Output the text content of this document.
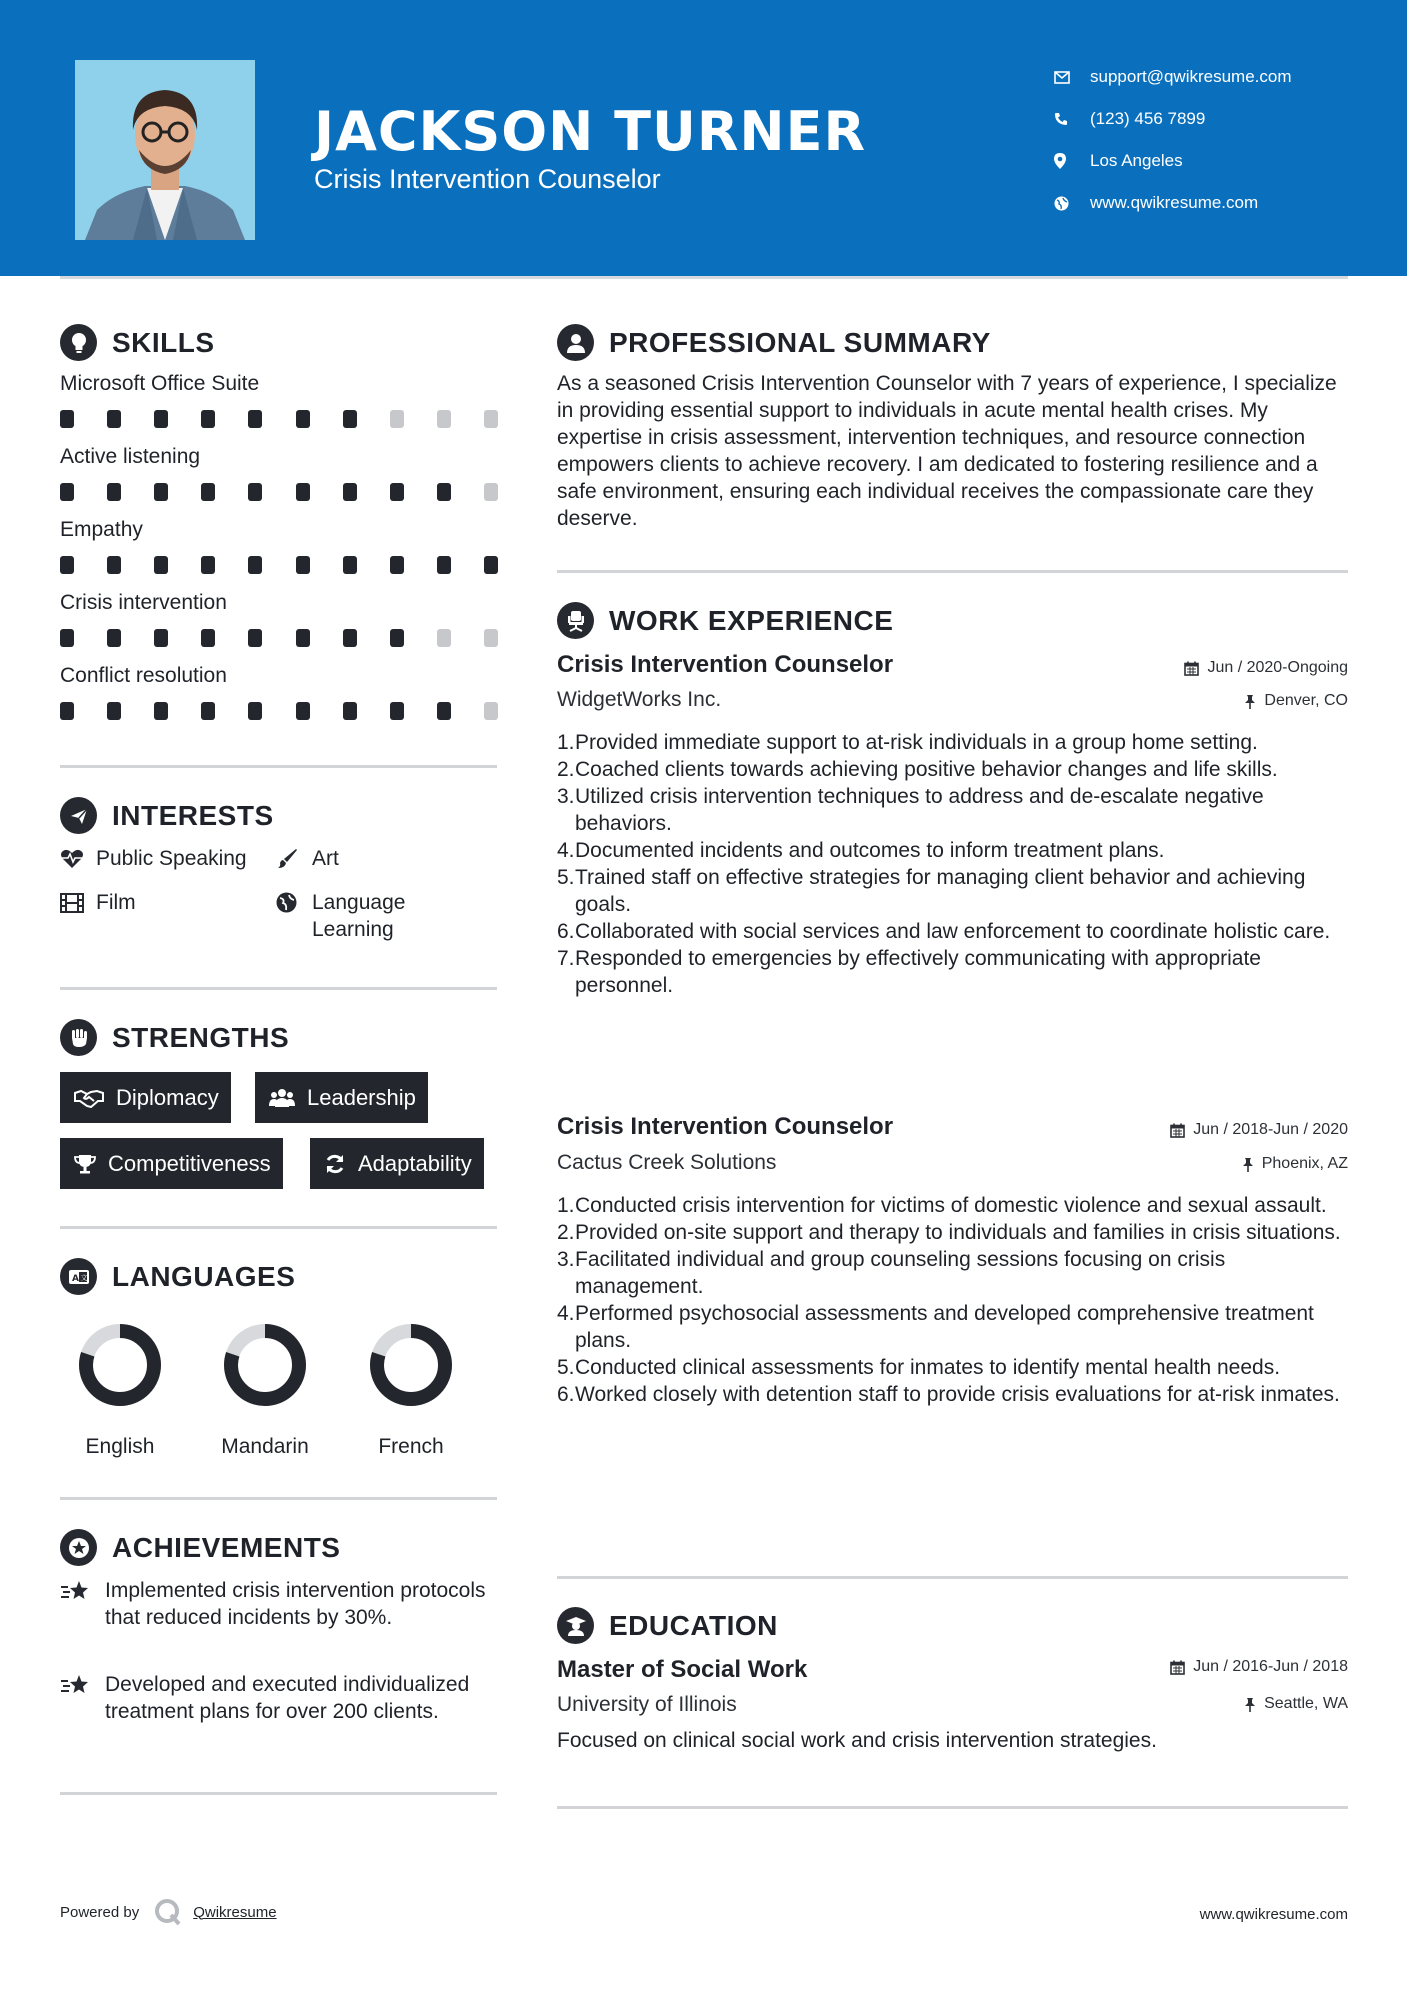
JACKSON TURNER
Crisis Intervention Counselor
support@qwikresume.com
(123) 456 7899
Los Angeles
www.qwikresume.com
SKILLS
Microsoft Office Suite
Active listening
Empathy
Crisis intervention
Conflict resolution
INTERESTS
Public Speaking	Art
Film	Language Learning
STRENGTHS
Diplomacy	Leadership
Competitiveness	Adaptability
A 文 LANGUAGES
English	Mandarin	French
ACHIEVEMENTS
Implemented crisis intervention protocols that reduced incidents by 30%.
Developed and executed individualized treatment plans for over 200 clients.
PROFESSIONAL SUMMARY
As a seasoned Crisis Intervention Counselor with 7 years of experience, I specialize in providing essential support to individuals in acute mental health crises. My expertise in crisis assessment, intervention techniques, and resource connection empowers clients to achieve recovery. I am dedicated to fostering resilience and a safe environment, ensuring each individual receives the compassionate care they deserve.
WORK EXPERIENCE
Crisis Intervention Counselor	Jun / 2020-Ongoing
WidgetWorks Inc.	Denver, CO
1. Provided immediate support to at-risk individuals in a group home setting.
2. Coached clients towards achieving positive behavior changes and life skills.
3. Utilized crisis intervention techniques to address and de-escalate negative behaviors.
4. Documented incidents and outcomes to inform treatment plans.
5. Trained staff on effective strategies for managing client behavior and achieving goals.
6. Collaborated with social services and law enforcement to coordinate holistic care.
7. Responded to emergencies by effectively communicating with appropriate personnel.
Crisis Intervention Counselor	Jun / 2018-Jun / 2020
Cactus Creek Solutions	Phoenix, AZ
1. Conducted crisis intervention for victims of domestic violence and sexual assault.
2. Provided on-site support and therapy to individuals and families in crisis situations.
3. Facilitated individual and group counseling sessions focusing on crisis management.
4. Performed psychosocial assessments and developed comprehensive treatment plans.
5. Conducted clinical assessments for inmates to identify mental health needs.
6. Worked closely with detention staff to provide crisis evaluations for at-risk inmates.
EDUCATION
Master of Social Work	Jun / 2016-Jun / 2018
University of Illinois	Seattle, WA
Focused on clinical social work and crisis intervention strategies.
Powered by	Qwikresume	www.qwikresume.com
